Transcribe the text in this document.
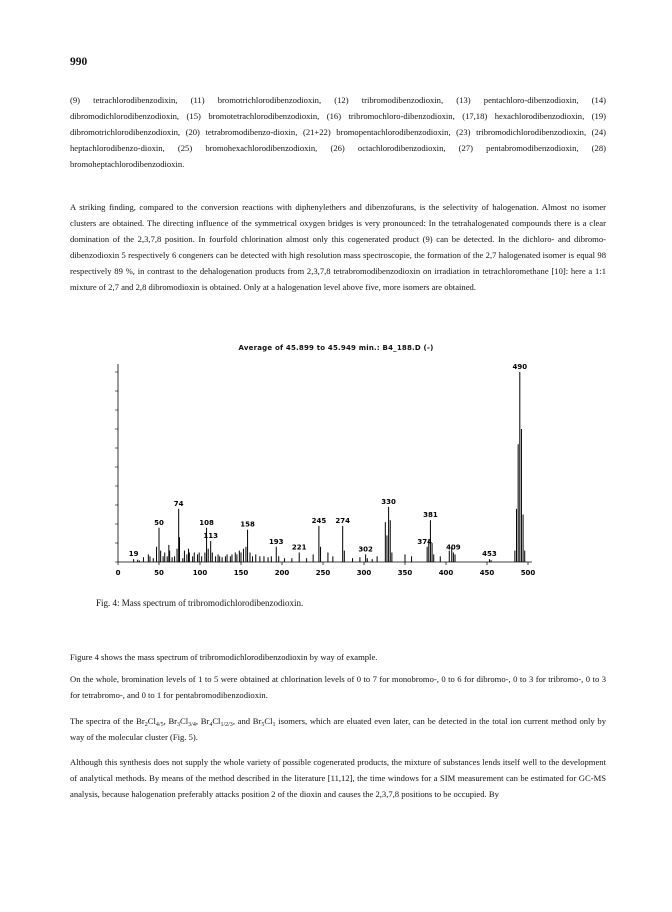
990

(9) tetrachlorodibenzodixin, (11) bromotrichlorodibenzodioxin, (12) tribromodibenzodioxin, (13) pentachloro-dibenzodioxin, (14) dibromodichlorodibenzodioxin, (15) bromotetrachlorodibenzodioxin, (16) tribromochloro-dibenzodioxin, (17,18) hexachlorodibenzodioxin, (19) dibromotrichlorodibenzodioxin, (20) tetrabromodibenzo-dioxin, (21+22) bromopentachlorodibenzodioxin, (23) tribromodichlorodibenzodioxin, (24) heptachlorodibenzo-dioxin, (25) bromohexachlorodibenzodioxin, (26) octachlorodibenzodioxin, (27) pentabromodibenzodioxin, (28) bromoheptachlorodibenzodioxin.

A striking finding, compared to the conversion reactions with diphenylethers and dibenzofurans, is the selectivity of halogenation. Almost no isomer clusters are obtained. The directing influence of the symmetrical oxygen bridges is very pronounced: In the tetrahalogenated compounds there is a clear domination of the 2,3,7,8 position. In fourfold chlorination almost only this cogenerated product (9) can be detected. In the dichloro- and dibromo-dibenzodioxin 5 respectively 6 congeners can be detected with high resolution mass spectroscopie, the formation of the 2,7 halogenated isomer is equal 98 respectively 89 %, in contrast to the dehalogenation products from 2,3,7,8 tetrabromodibenzodioxin on irradiation in tetrachloromethane [10]: here a 1:1 mixture of 2,7 and 2,8 dibromodioxin is obtained. Only at a halogenation level above five, more isomers are obtained.

Average of 45.899 to 45.949 min.: B4_188.D (-)
19
50
74
108
113
158
193
221
245 274
302
330
381
409
453
490
374
0	50	100	150	200	250	300	350	400	450	500
Fig. 4: Mass spectrum of tribromodichlorodibenzodioxin.

Figure 4 shows the mass spectrum of tribromodichlorodibenzodioxin by way of example.

On the whole, bromination levels of 1 to 5 were obtained at chlorination levels of 0 to 7 for monobromo-, 0 to 6 for dibromo-, 0 to 3 for tribromo-, 0 to 3 for tetrabromo-, and 0 to 1 for pentabromodibenzodioxin.

The spectra of the $Br_2Cl_{4/5}$, $Br_3Cl_{3/4}$, $Br_4Cl_{1/2/3}$, and $Br_5Cl_1$ isomers, which are eluated even later, can be detected in the total ion current method only by way of the molecular cluster (Fig. 5).

Although this synthesis does not supply the whole variety of possible cogenerated products, the mixture of substances lends itself well to the development of analytical methods. By means of the method described in the literature [11,12], the time windows for a SIM measurement can be estimated for GC-MS analysis, because halogenation preferably attacks position 2 of the dioxin and causes the 2,3,7,8 positions to be occupied. By
